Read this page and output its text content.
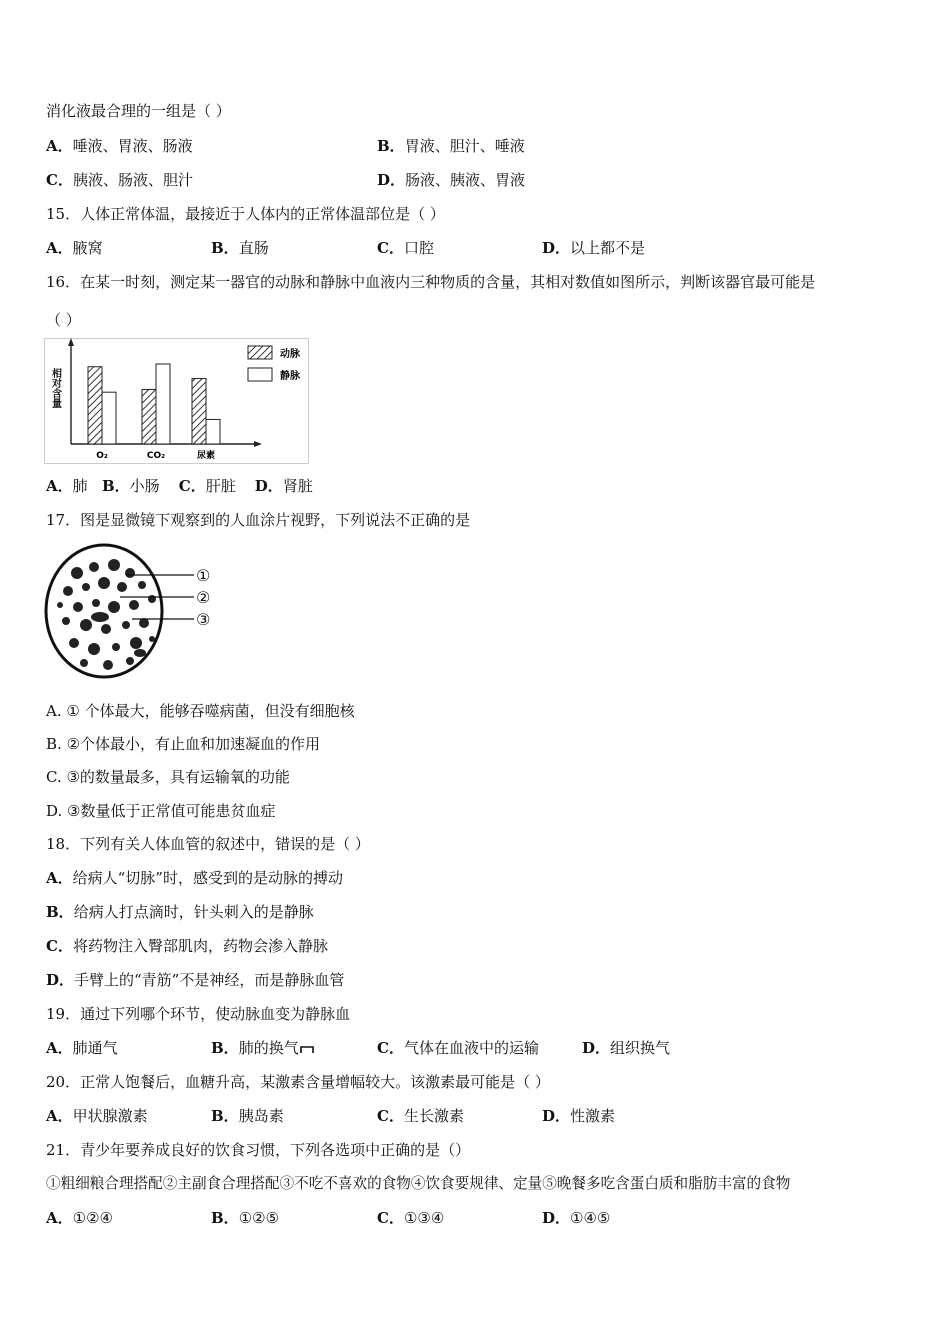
消化液最合理的一组是（ ）
A．唾液、胃液、肠液	B．胃液、胆汁、唾液
C．胰液、肠液、胆汁	D．肠液、胰液、胃液
15．人体正常体温，最接近于人体内的正常体温部位是（ ）
A．腋窝	B．直肠	C．口腔	D．以上都不是
16．在某一时刻，测定某一器官的动脉和静脉中血液内三种物质的含量，其相对数值如图所示，判断该器官最可能是
（ ）
相对含量
O₂	CO₂	尿素
动脉
静脉
A．肺 B．小肠 C．肝脏 D．肾脏
17．图是显微镜下观察到的人血涂片视野，下列说法不正确的是
①
②
③
A. ① 个体最大，能够吞噬病菌，但没有细胞核
B. ②个体最小，有止血和加速凝血的作用
C. ③的数量最多，具有运输氧的功能
D. ③数量低于正常值可能患贫血症
18．下列有关人体血管的叙述中，错误的是（ ）
A．给病人“切脉”时，感受到的是动脉的搏动
B．给病人打点滴时，针头刺入的是静脉
C．将药物注入臀部肌肉，药物会渗入静脉
D．手臂上的“青筋”不是神经，而是静脉血管
19．通过下列哪个环节，使动脉血变为静脉血
A．肺通气	B．肺的换气	C．气体在血液中的运输	D．组织换气
20．正常人饱餐后，血糖升高，某激素含量增幅较大。该激素最可能是（ ）
A．甲状腺激素	B．胰岛素	C．生长激素	D．性激素
21．青少年要养成良好的饮食习惯，下列各选项中正确的是（）
①粗细粮合理搭配②主副食合理搭配③不吃不喜欢的食物④饮食要规律、定量⑤晚餐多吃含蛋白质和脂肪丰富的食物
A．①②④	B．①②⑤	C．①③④	D．①④⑤
